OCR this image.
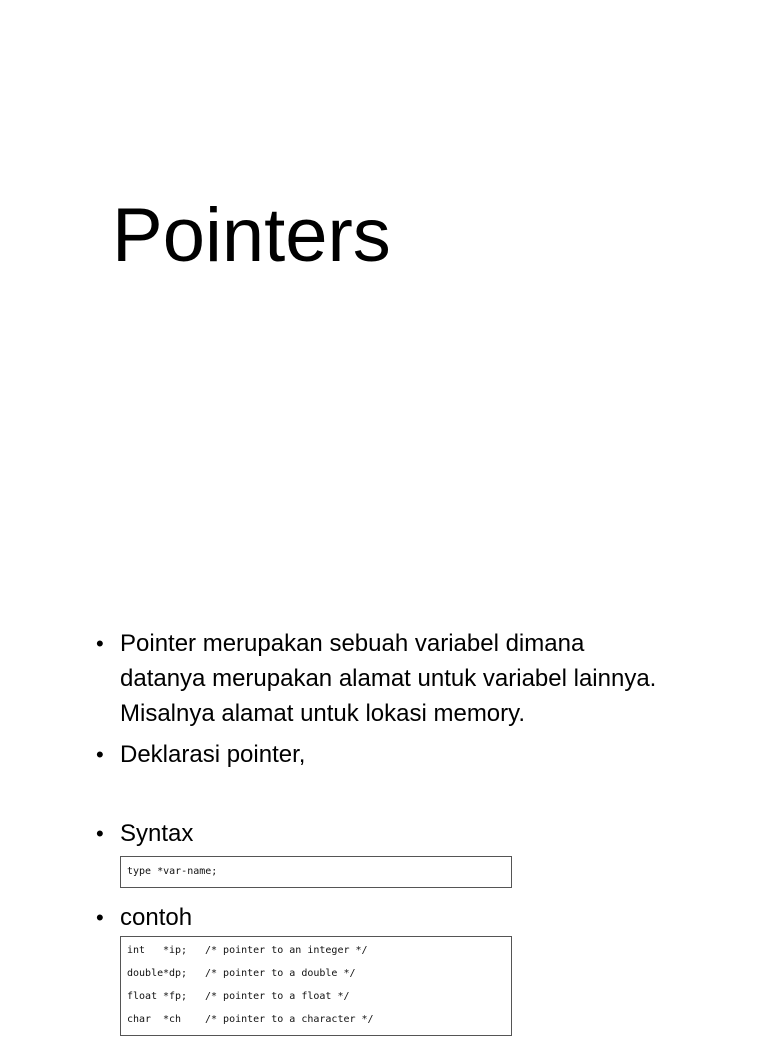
Pointers

• Pointer merupakan sebuah variabel dimana datanya merupakan alamat untuk variabel lainnya. Misalnya alamat untuk lokasi memory.

• Deklarasi pointer,

• Syntax

type *var-name;

• contoh

int	*ip;	/* pointer to an integer */
double *dp;	/* pointer to a double */
float *fp;	/* pointer to a float */
char	*ch	/* pointer to a character */
